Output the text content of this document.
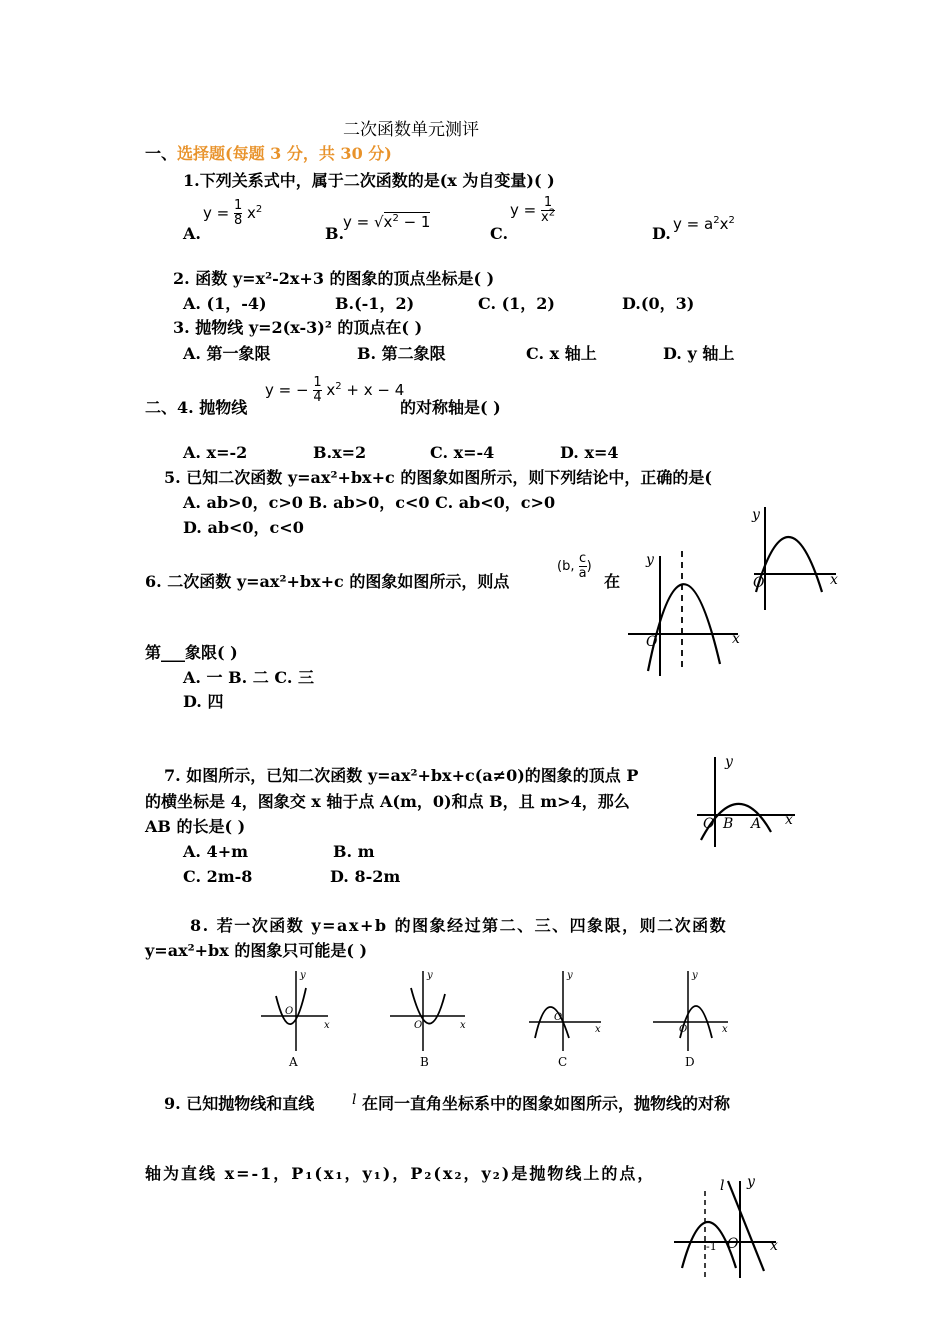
二次函数单元测评
一、选择题(每题 3 分，共 30 分)
1.下列关系式中，属于二次函数的是(x 为自变量)( )
A.
$y = \frac{1}{8} x^2$
B.
$y = √x^2 - 1$
C.
$y = \frac{1}{x^2}$
D. $y = a^2x^2$
2. 函数 y=x²-2x+3 的图象的顶点坐标是( )
A. (1，-4)	B.(-1，2)	C. (1，2)	D.(0，3)
3. 抛物线 y=2(x-3)² 的顶点在( )
A. 第一象限	B. 第二象限	C. x 轴上	D. y 轴上
二、4. 抛物线
y = − $\frac{1}{4} x^2 + x - 4$
的对称轴是( )
A. x=-2	B.x=2	C. x=-4	D. x=4
5. 已知二次函数 y=ax²+bx+c 的图象如图所示，则下列结论中，正确的是(
A. ab>0，c>0 B. ab>0，c<0 C. ab<0，c>0
D. ab<0，c<0
y
O	x
6. 二次函数 y=ax²+bx+c 的图象如图所示，则点
(b, $\frac{c}{a}$ )
在
第___象限( )
A. 一 B. 二 C. 三
D. 四
y
O	x
7. 如图所示，已知二次函数 y=ax²+bx+c(a≠0)的图象的顶点 P
的横坐标是 4，图象交 x 轴于点 A(m，0)和点 B，且 m>4，那么
AB 的长是( )
A. 4+m	B. m
C. 2m-8	D. 8-2m
y
O B A x
8. 若一次函数 y=ax+b 的图象经过第二、三、四象限，则二次函数
y=ax²+bx 的图象只可能是( )
y
O
x
A
y
O	x
B
y
O
x
C
y
O	x
D
9. 已知抛物线和直线	l 在同一直角坐标系中的图象如图所示，抛物线的对称
轴为直线 x=-1，P₁(x₁，y₁)，P₂(x₂，y₂)是抛物线上的点，
l y
-1 O x
